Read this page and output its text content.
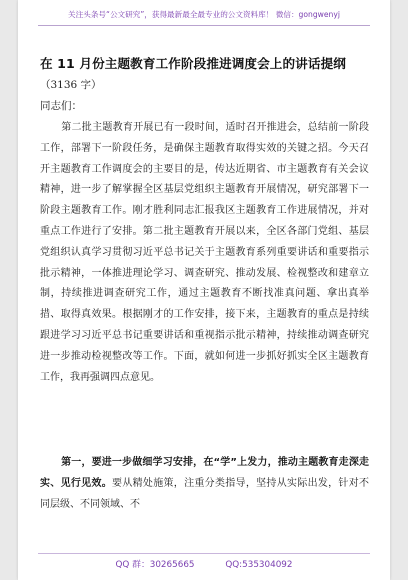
关注头条号“公文研究”，获得最新最全最专业的公文资料库！ 微信：gongwenyj
在 11 月份主题教育工作阶段推进调度会上的讲话提纲
（3136 字）
同志们：
第二批主题教育开展已有一段时间，适时召开推进会，总结前一阶段工作，部署下一阶段任务，是确保主题教育取得实效的关键之招。今天召开主题教育工作调度会的主要目的是，传达近期省、市主题教育有关会议精神，进一步了解掌握全区基层党组织主题教育开展情况，研究部署下一阶段主题教育工作。刚才胜利同志汇报我区主题教育工作进展情况，并对重点工作进行了安排。第二批主题教育开展以来，全区各部门党组、基层党组织认真学习贯彻习近平总书记关于主题教育系列重要讲话和重要指示批示精神，一体推进理论学习、调查研究、推动发展、检视整改和建章立制，持续推进调查研究工作，通过主题教育不断找准真问题、拿出真举措、取得真效果。根据刚才的工作安排，接下来，主题教育的重点是持续跟进学习习近平总书记重要讲话和重视指示批示精神，持续推动调查研究进一步推动检视整改等工作。下面，就如何进一步抓好抓实全区主题教育工作，我再强调四点意见。
第一，要进一步做细学习安排，在“学”上发力，推动主题教育走深走实、见行见效。要从精处施策，注重分类指导，坚持从实际出发，针对不同层级、不同领域、不
QQ 群：30265665	QQ:535304092
